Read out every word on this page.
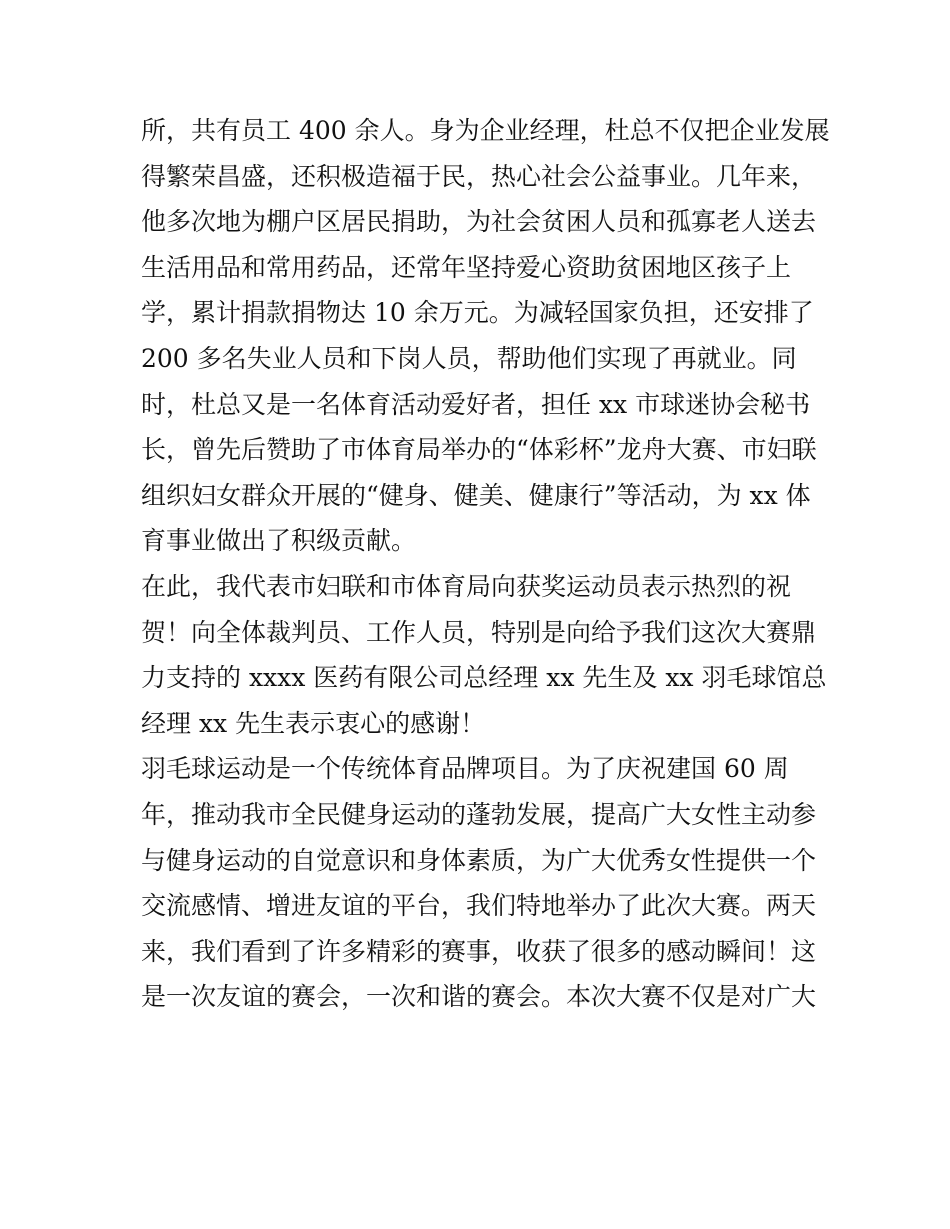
所，共有员工 400 余人。身为企业经理，杜总不仅把企业发展
得繁荣昌盛，还积极造福于民，热心社会公益事业。几年来，
他多次地为棚户区居民捐助，为社会贫困人员和孤寡老人送去
生活用品和常用药品，还常年坚持爱心资助贫困地区孩子上
学，累计捐款捐物达 10 余万元。为减轻国家负担，还安排了
200 多名失业人员和下岗人员，帮助他们实现了再就业。同
时，杜总又是一名体育活动爱好者，担任 xx 市球迷协会秘书
长，曾先后赞助了市体育局举办的“体彩杯”龙舟大赛、市妇联
组织妇女群众开展的“健身、健美、健康行”等活动，为 xx 体
育事业做出了积级贡献。
在此，我代表市妇联和市体育局向获奖运动员表示热烈的祝
贺！向全体裁判员、工作人员，特别是向给予我们这次大赛鼎
力支持的 xxxx 医药有限公司总经理 xx 先生及 xx 羽毛球馆总
经理 xx 先生表示衷心的感谢！
羽毛球运动是一个传统体育品牌项目。为了庆祝建国 60 周
年，推动我市全民健身运动的蓬勃发展，提高广大女性主动参
与健身运动的自觉意识和身体素质，为广大优秀女性提供一个
交流感情、增进友谊的平台，我们特地举办了此次大赛。两天
来，我们看到了许多精彩的赛事，收获了很多的感动瞬间！这
是一次友谊的赛会，一次和谐的赛会。本次大赛不仅是对广大
